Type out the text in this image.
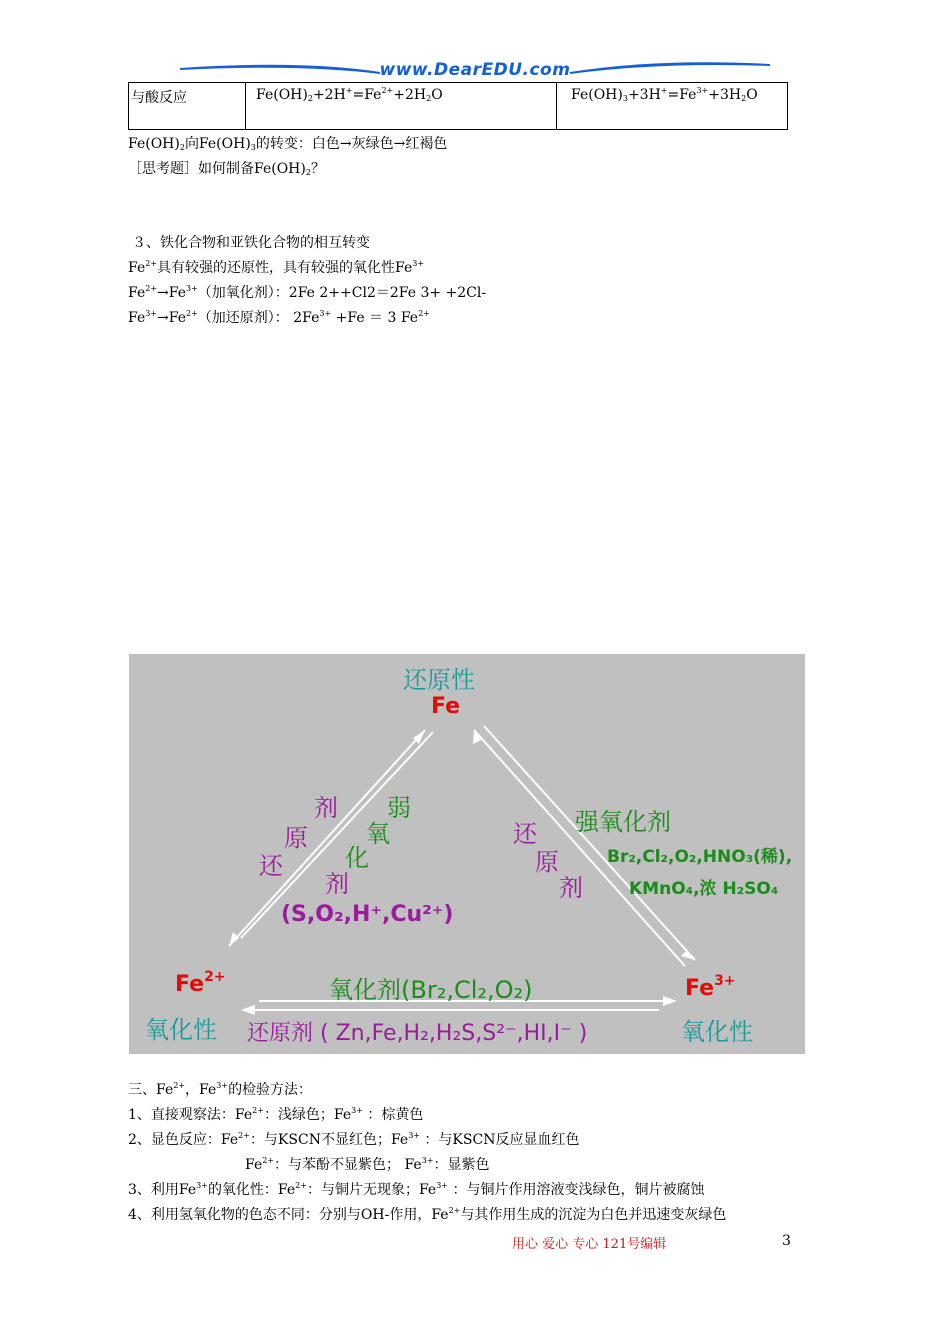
www.DearEDU.com
与酸反应	$Fe(OH)_2+2H^+=Fe^{2+}+2H_2O$	$Fe(OH)_3+3H^+=Fe^{3+}+3H_2O$
$Fe(OH)_2$向$Fe(OH)_3$的转变：白色→灰绿色→红褐色
［思考题］如何制备$Fe(OH)_2$？
３、铁化合物和亚铁化合物的相互转变
$Fe^{2+}$具有较强的还原性，具有较强的氧化性$Fe^{3+}$
$Fe^{2+}\to Fe^{3+}$（加氧化剂）：2Fe 2++Cl2＝2Fe 3+ +2Cl-
$Fe^{3+}\to Fe^{2+}$（加还原剂）： $2Fe^{3+} +Fe = 3$ $Fe^{2+}$
还原性
Fe
剂
原
还
弱
氧
化
剂
(S,O₂,H⁺,Cu²⁺)
还
原
剂
强氧化剂
Br₂,Cl₂,O₂,HNO₃(稀),
KMnO₄,浓 H₂SO₄
$Fe^{2+}$
氧化性
$Fe^{3+}$
氧化性
氧化剂(Br₂,Cl₂,O₂)
还原剂 ( Zn,Fe,H₂,H₂S,S²⁻,HI,I⁻ )
三、$Fe^{2+}$，$Fe^{3+}$的检验方法：
1、直接观察法：$Fe^{2+}$：浅绿色；$Fe^{3+}$ ：棕黄色
2、显色反应：$Fe^{2+}$：与KSCN不显红色；$Fe^{3+}$ ：与KSCN反应显血红色
$Fe^{2+}$：与苯酚不显紫色； $Fe^{3+}$：显紫色
3、利用$Fe^{3+}$的氧化性：$Fe^{2+}$：与铜片无现象；$Fe^{3+}$ ：与铜片作用溶液变浅绿色，铜片被腐蚀
4、利用氢氧化物的色态不同：分别与OH-作用，$Fe^{2+}$与其作用生成的沉淀为白色并迅速变灰绿色
用心 爱心 专心 121号编辑	3
